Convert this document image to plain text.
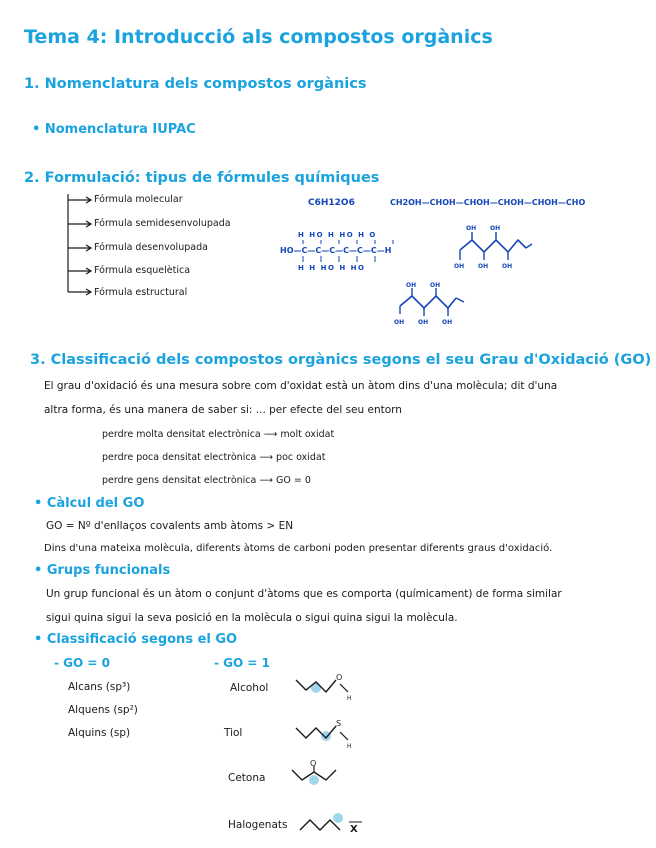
Tema 4: Introducció als compostos orgànics
1. Nomenclatura dels compostos orgànics
• Nomenclatura IUPAC
2. Formulació: tipus de fórmules químiques
Fórmula molecular
Fórmula semidesenvolupada
Fórmula desenvolupada
Fórmula esquelètica
Fórmula estructural
C6H12O6	CH2OH—CHOH—CHOH—CHOH—CHOH—CHO
H HO H HO H O
HO—C—C—C—C—C—C—H
H H HO H HO
OH OH
OH OH OH
OH OH
OH OH OH
3. Classificació dels compostos orgànics segons el seu Grau d'Oxidació (GO)
El grau d'oxidació és una mesura sobre com d'oxidat està un àtom dins d'una molècula; dit d'una
altra forma, és una manera de saber si: ... per efecte del seu entorn
perdre molta densitat electrònica ⟶ molt oxidat
perdre poca densitat electrònica ⟶ poc oxidat
perdre gens densitat electrònica ⟶ GO = 0
• Càlcul del GO
GO = Nº d'enllaços covalents amb àtoms > EN
Dins d'una mateixa molècula, diferents àtoms de carboni poden presentar diferents graus d'oxidació.
• Grups funcionals
Un grup funcional és un àtom o conjunt d'àtoms que es comporta (químicament) de forma similar
sigui quina sigui la seva posició en la molècula o sigui quina sigui la molècula.
• Classificació segons el GO
- GO = 0
Alcans (sp³)
Alquens (sp²)
Alquins (sp)
- GO = 1
Alcohol
Tiol
Cetona
Halogenats
O
H
S
H
O
X
